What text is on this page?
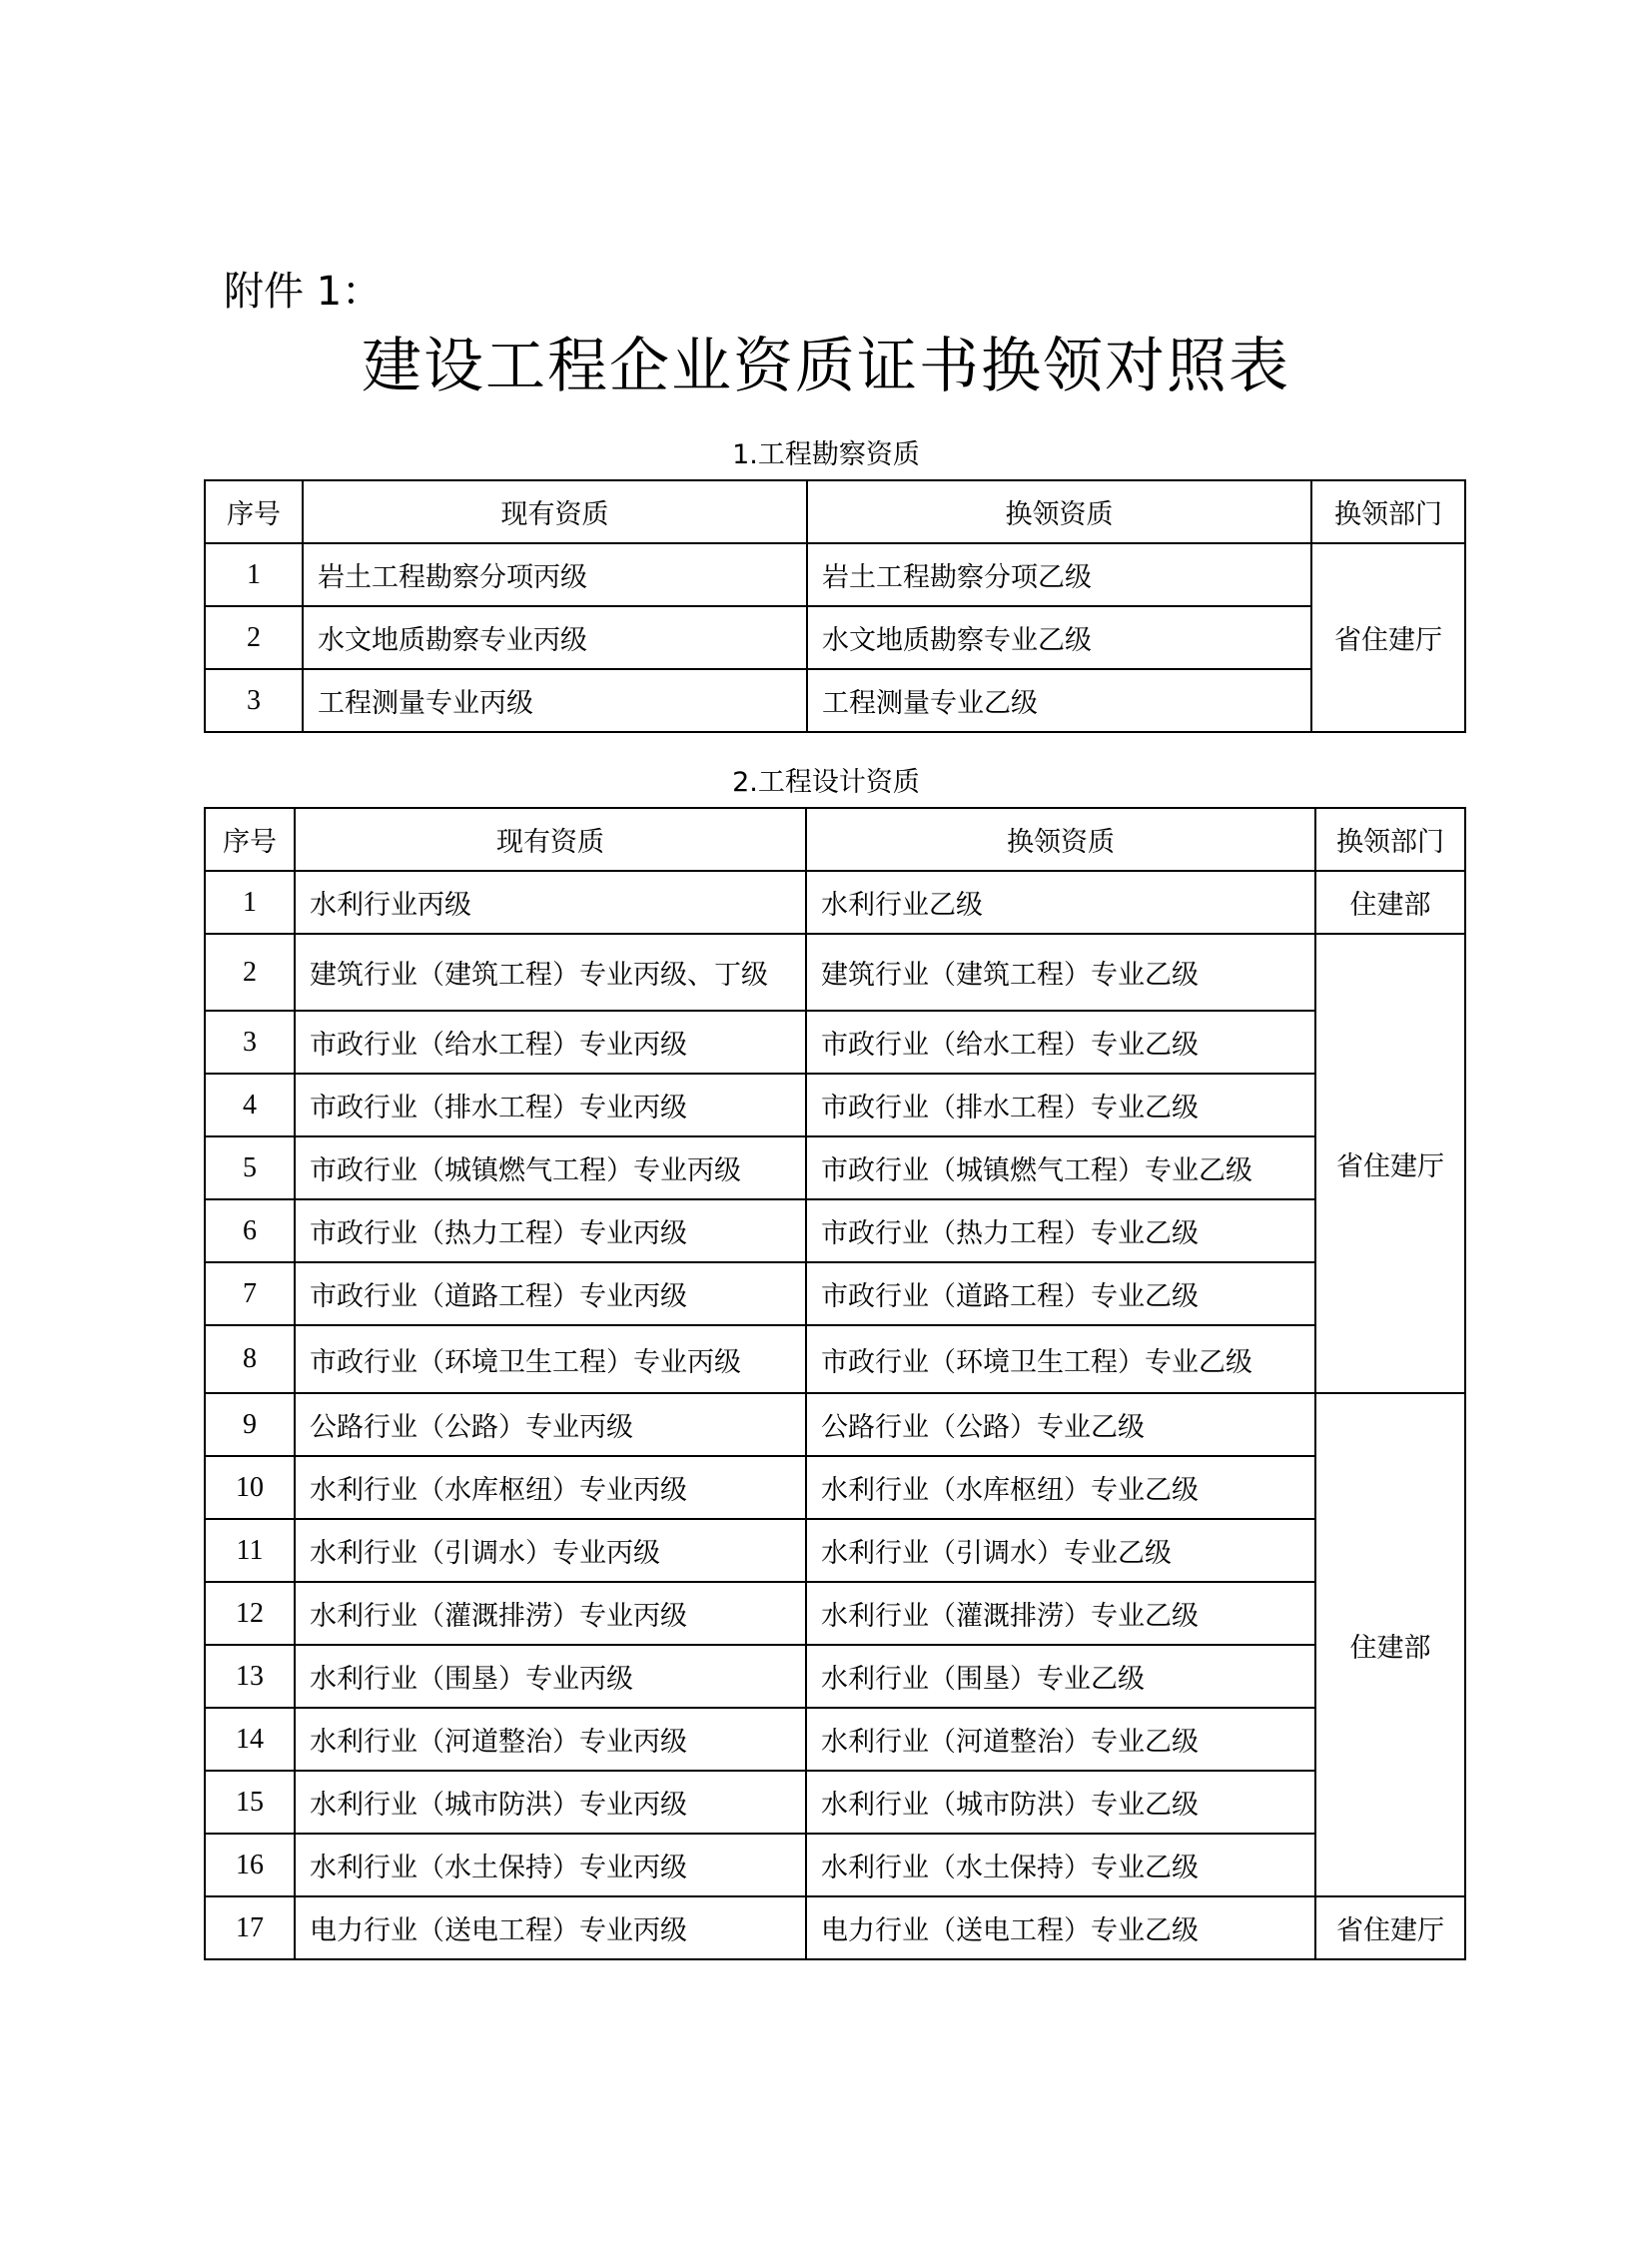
附件 1：
建设工程企业资质证书换领对照表
1.工程勘察资质
序号	现有资质	换领资质	换领部门
1	岩土工程勘察分项丙级	岩土工程勘察分项乙级	省住建厅
2	水文地质勘察专业丙级	水文地质勘察专业乙级	
3	工程测量专业丙级	工程测量专业乙级	
2.工程设计资质
序号	现有资质	换领资质	换领部门
1	水利行业丙级	水利行业乙级	住建部
2	建筑行业（建筑工程）专业丙级、丁级	建筑行业（建筑工程）专业乙级	省住建厅
3	市政行业（给水工程）专业丙级	市政行业（给水工程）专业乙级	
4	市政行业（排水工程）专业丙级	市政行业（排水工程）专业乙级	
5	市政行业（城镇燃气工程）专业丙级	市政行业（城镇燃气工程）专业乙级	
6	市政行业（热力工程）专业丙级	市政行业（热力工程）专业乙级	
7	市政行业（道路工程）专业丙级	市政行业（道路工程）专业乙级	
8	市政行业（环境卫生工程）专业丙级	市政行业（环境卫生工程）专业乙级	
9	公路行业（公路）专业丙级	公路行业（公路）专业乙级	住建部
10	水利行业（水库枢纽）专业丙级	水利行业（水库枢纽）专业乙级	
11	水利行业（引调水）专业丙级	水利行业（引调水）专业乙级	
12	水利行业（灌溉排涝）专业丙级	水利行业（灌溉排涝）专业乙级	
13	水利行业（围垦）专业丙级	水利行业（围垦）专业乙级	
14	水利行业（河道整治）专业丙级	水利行业（河道整治）专业乙级	
15	水利行业（城市防洪）专业丙级	水利行业（城市防洪）专业乙级	
16	水利行业（水土保持）专业丙级	水利行业（水土保持）专业乙级	
17	电力行业（送电工程）专业丙级	电力行业（送电工程）专业乙级	省住建厅
